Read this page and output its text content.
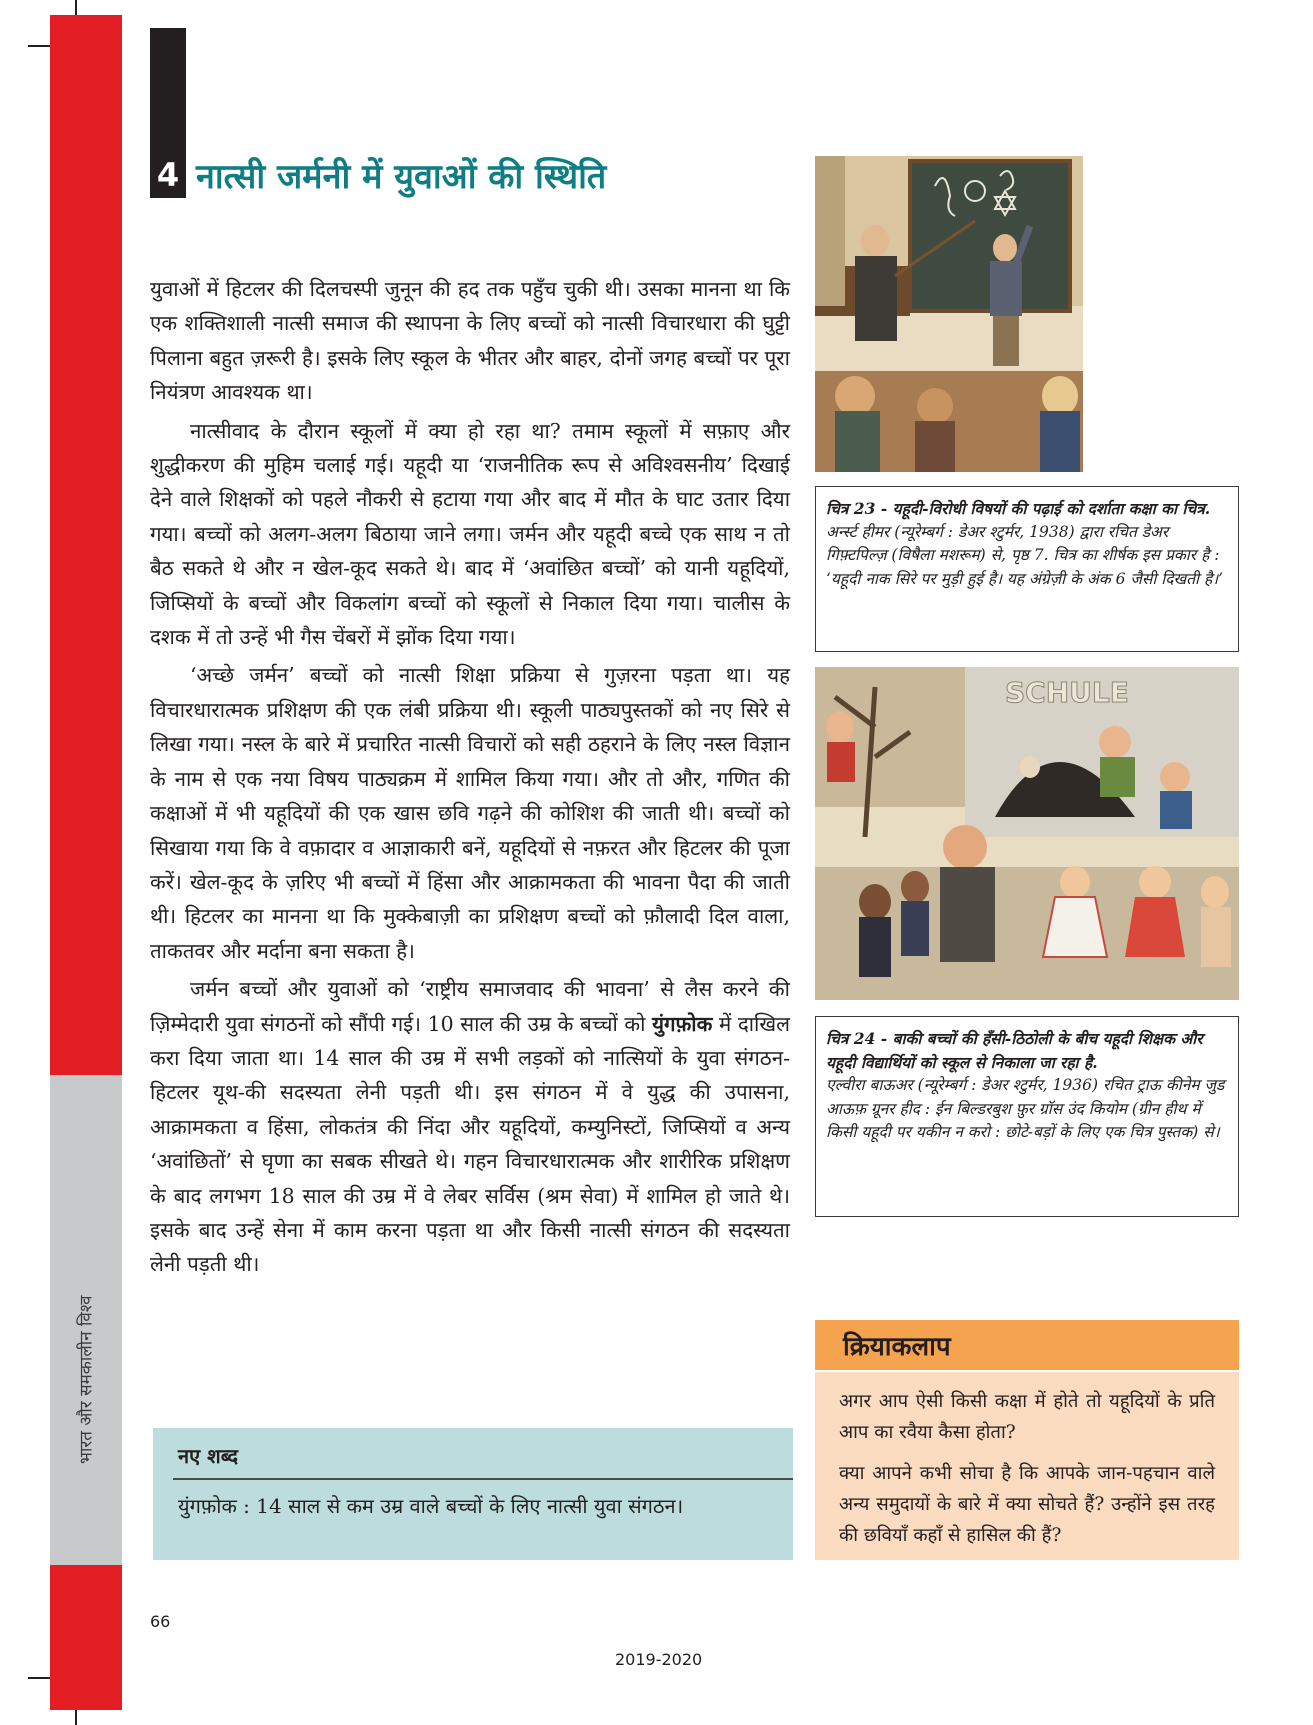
भारत और समकालीन विश्व
4 नात्सी जर्मनी में युवाओं की स्थिति

युवाओं में हिटलर की दिलचस्पी जुनून की हद तक पहुँच चुकी थी। उसका मानना था कि एक शक्तिशाली नात्सी समाज की स्थापना के लिए बच्चों को नात्सी विचारधारा की घुट्टी पिलाना बहुत ज़रूरी है। इसके लिए स्कूल के भीतर और बाहर, दोनों जगह बच्चों पर पूरा नियंत्रण आवश्यक था।

नात्सीवाद के दौरान स्कूलों में क्या हो रहा था? तमाम स्कूलों में सफ़ाए और शुद्धीकरण की मुहिम चलाई गई। यहूदी या ‘राजनीतिक रूप से अविश्वसनीय’ दिखाई देने वाले शिक्षकों को पहले नौकरी से हटाया गया और बाद में मौत के घाट उतार दिया गया। बच्चों को अलग-अलग बिठाया जाने लगा। जर्मन और यहूदी बच्चे एक साथ न तो बैठ सकते थे और न खेल-कूद सकते थे। बाद में ‘अवांछित बच्चों’ को यानी यहूदियों, जिप्सियों के बच्चों और विकलांग बच्चों को स्कूलों से निकाल दिया गया। चालीस के दशक में तो उन्हें भी गैस चेंबरों में झोंक दिया गया।

‘अच्छे जर्मन’ बच्चों को नात्सी शिक्षा प्रक्रिया से गुज़रना पड़ता था। यह विचारधारात्मक प्रशिक्षण की एक लंबी प्रक्रिया थी। स्कूली पाठ्यपुस्तकों को नए सिरे से लिखा गया। नस्ल के बारे में प्रचारित नात्सी विचारों को सही ठहराने के लिए नस्ल विज्ञान के नाम से एक नया विषय पाठ्यक्रम में शामिल किया गया। और तो और, गणित की कक्षाओं में भी यहूदियों की एक खास छवि गढ़ने की कोशिश की जाती थी। बच्चों को सिखाया गया कि वे वफ़ादार व आज्ञाकारी बनें, यहूदियों से नफ़रत और हिटलर की पूजा करें। खेल-कूद के ज़रिए भी बच्चों में हिंसा और आक्रामकता की भावना पैदा की जाती थी। हिटलर का मानना था कि मुक्केबाज़ी का प्रशिक्षण बच्चों को फ़ौलादी दिल वाला, ताकतवर और मर्दाना बना सकता है।

जर्मन बच्चों और युवाओं को ‘राष्ट्रीय समाजवाद की भावना’ से लैस करने की ज़िम्मेदारी युवा संगठनों को सौंपी गई। 10 साल की उम्र के बच्चों को युंगफ़ोक में दाखिल करा दिया जाता था। 14 साल की उम्र में सभी लड़कों को नात्सियों के युवा संगठन-हिटलर यूथ-की सदस्यता लेनी पड़ती थी। इस संगठन में वे युद्ध की उपासना, आक्रामकता व हिंसा, लोकतंत्र की निंदा और यहूदियों, कम्युनिस्टों, जिप्सियों व अन्य ‘अवांछितों’ से घृणा का सबक सीखते थे। गहन विचारधारात्मक और शारीरिक प्रशिक्षण के बाद लगभग 18 साल की उम्र में वे लेबर सर्विस (श्रम सेवा) में शामिल हो जाते थे। इसके बाद उन्हें सेना में काम करना पड़ता था और किसी नात्सी संगठन की सदस्यता लेनी पड़ती थी।

नए शब्द
युंगफ़ोक : 14 साल से कम उम्र वाले बच्चों के लिए नात्सी युवा संगठन।
चित्र 23 - यहूदी-विरोधी विषयों की पढ़ाई को दर्शाता कक्षा का चित्र.
अर्न्स्ट हीमर (न्यूरेम्बर्ग : डेअर श्टुर्मर, 1938) द्वारा रचित डेअर गिफ़्टपिल्ज़ (विषैला मशरूम) से, पृष्ठ 7. चित्र का शीर्षक इस प्रकार है : ‘यहूदी नाक सिरे पर मुड़ी हुई है। यह अंग्रेज़ी के अंक 6 जैसी दिखती है।’
SCHULE
चित्र 24 - बाकी बच्चों की हँसी-ठिठोली के बीच यहूदी शिक्षक और यहूदी विद्यार्थियों को स्कूल से निकाला जा रहा है.
एल्वीरा बाऊअर (न्यूरेम्बर्ग : डेअर श्टुर्मर, 1936) रचित ट्राऊ कीनेम जुड आऊफ़ ग्रूनर हीद : ईन बिल्डरबुश फ़ुर ग्रॉस उंद कियोम (ग्रीन हीथ में किसी यहूदी पर यकीन न करो : छोटे-बड़ों के लिए एक चित्र पुस्तक) से।
क्रियाकलाप

अगर आप ऐसी किसी कक्षा में होते तो यहूदियों के प्रति आप का रवैया कैसा होता?

क्या आपने कभी सोचा है कि आपके जान-पहचान वाले अन्य समुदायों के बारे में क्या सोचते हैं? उन्होंने इस तरह की छवियाँ कहाँ से हासिल की हैं?

66
2019-2020
